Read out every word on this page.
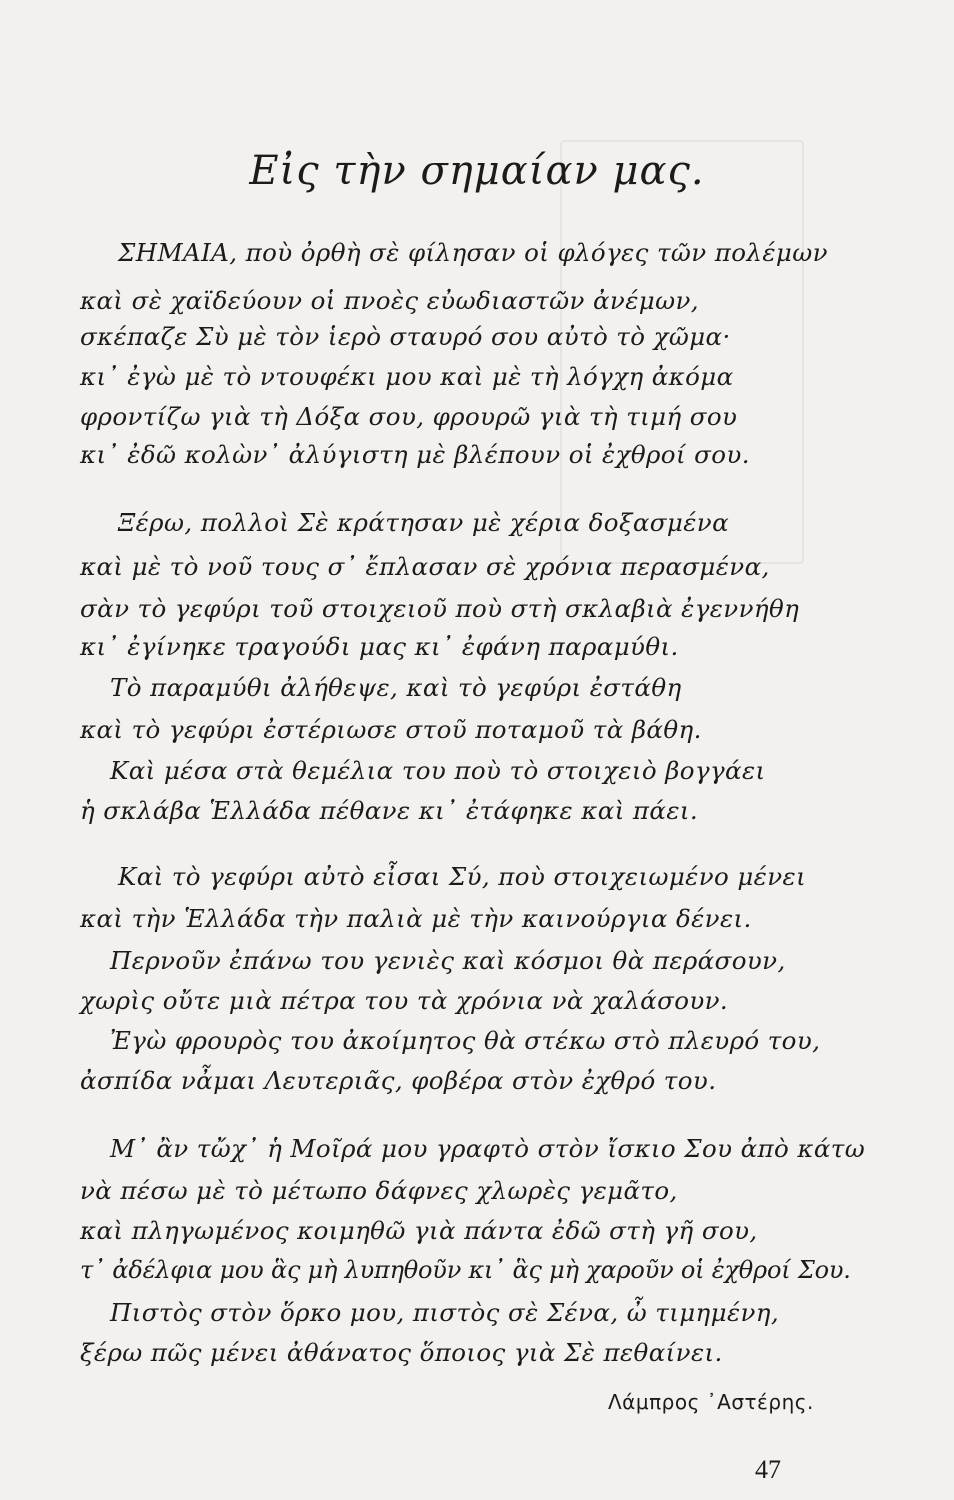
Εἰς τὴν σημαίαν μας.
ΣΗΜΑΙΑ, ποὺ ὀρθὴ σὲ φίλησαν οἱ φλόγες τῶν πολέμων
καὶ σὲ χαϊδεύουν οἱ πνοὲς εὐωδιαστῶν ἀνέμων,
σκέπαζε Σὺ μὲ τὸν ἱερὸ σταυρό σου αὐτὸ τὸ χῶμα·
κι᾽ ἐγὼ μὲ τὸ ντουφέκι μου καὶ μὲ τὴ λόγχη ἀκόμα
φροντίζω γιὰ τὴ Δόξα σου, φρουρῶ γιὰ τὴ τιμή σου
κι᾽ ἐδῶ κολὼν᾽ ἀλύγιστη μὲ βλέπουν οἱ ἐχθροί σου.
Ξέρω, πολλοὶ Σὲ κράτησαν μὲ χέρια δοξασμένα
καὶ μὲ τὸ νοῦ τους σ᾽ ἔπλασαν σὲ χρόνια περασμένα,
σὰν τὸ γεφύρι τοῦ στοιχειοῦ ποὺ στὴ σκλαβιὰ ἐγεννήθη
κι᾽ ἐγίνηκε τραγούδι μας κι᾽ ἐφάνη παραμύθι.
Τὸ παραμύθι ἀλήθεψε, καὶ τὸ γεφύρι ἐστάθη
καὶ τὸ γεφύρι ἐστέριωσε στοῦ ποταμοῦ τὰ βάθη.
Καὶ μέσα στὰ θεμέλια του ποὺ τὸ στοιχειὸ βογγάει
ἡ σκλάβα Ἑλλάδα πέθανε κι᾽ ἐτάφηκε καὶ πάει.
Καὶ τὸ γεφύρι αὐτὸ εἶσαι Σύ, ποὺ στοιχειωμένο μένει
καὶ τὴν Ἑλλάδα τὴν παλιὰ μὲ τὴν καινούργια δένει.
Περνοῦν ἐπάνω του γενιὲς καὶ κόσμοι θὰ περάσουν,
χωρὶς οὔτε μιὰ πέτρα του τὰ χρόνια νὰ χαλάσουν.
Ἐγὼ φρουρὸς του ἀκοίμητος θὰ στέκω στὸ πλευρό του,
ἀσπίδα νἆμαι Λευτεριᾶς, φοβέρα στὸν ἐχθρό του.
Μ᾽ ἂν τὤχ᾽ ἡ Μοῖρά μου γραφτὸ στὸν ἴσκιο Σου ἀπὸ κάτω
νὰ πέσω μὲ τὸ μέτωπο δάφνες χλωρὲς γεμᾶτο,
καὶ πληγωμένος κοιμηθῶ γιὰ πάντα ἐδῶ στὴ γῆ σου,
τ᾽ ἀδέλφια μου ἃς μὴ λυπηθοῦν κι᾽ ἃς μὴ χαροῦν οἱ ἐχθροί Σου.
Πιστὸς στὸν ὅρκο μου, πιστὸς σὲ Σένα, ὦ τιμημένη,
ξέρω πῶς μένει ἀθάνατος ὅποιος γιὰ Σὲ πεθαίνει.
Λάμπρος ᾽Αστέρης.
47
